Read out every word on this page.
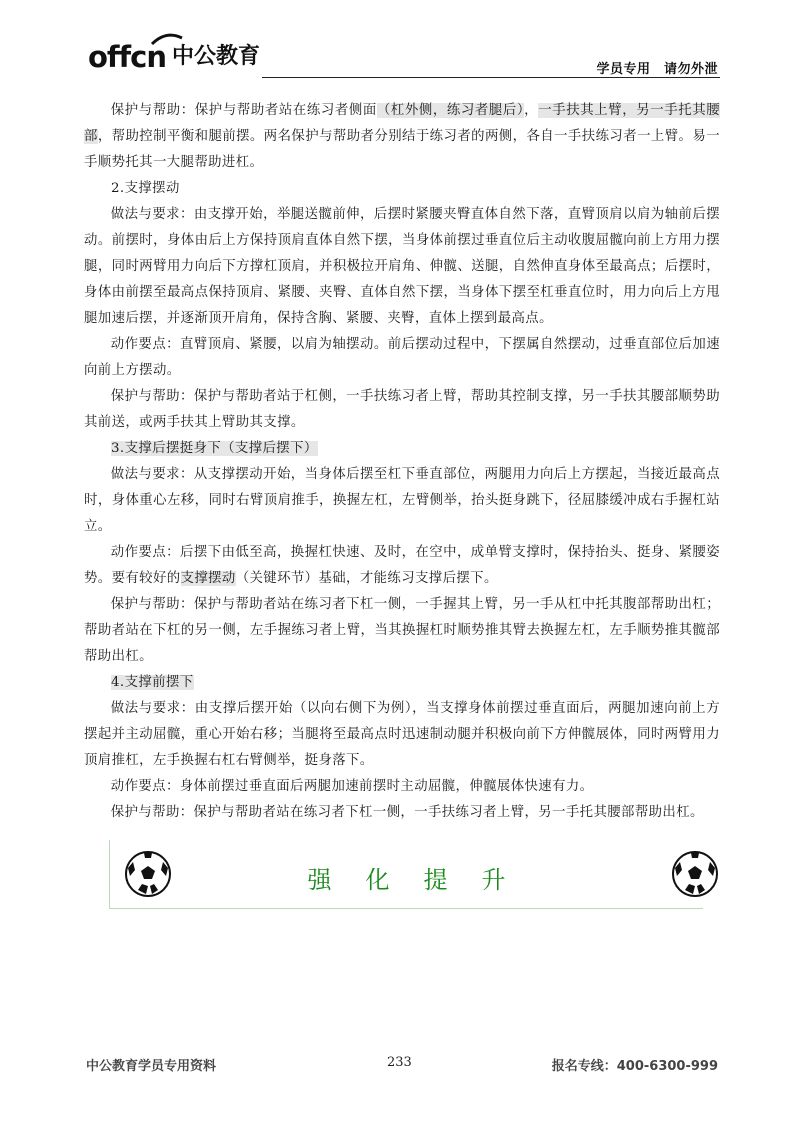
offcn 中公教育
学员专用　请勿外泄

保护与帮助：保护与帮助者站在练习者侧面（杠外侧，练习者腿后），一手扶其上臂，另一手托其腰部，帮助控制平衡和腿前摆。两名保护与帮助者分别结于练习者的两侧，各自一手扶练习者一上臂。易一手顺势托其一大腿帮助进杠。

2.支撑摆动

做法与要求：由支撑开始，举腿送髋前伸，后摆时紧腰夹臀直体自然下落，直臂顶肩以肩为轴前后摆动。前摆时，身体由后上方保持顶肩直体自然下摆，当身体前摆过垂直位后主动收腹屈髋向前上方用力摆腿，同时两臂用力向后下方撑杠顶肩，并积极拉开肩角、伸髋、送腿，自然伸直身体至最高点；后摆时，身体由前摆至最高点保持顶肩、紧腰、夹臀、直体自然下摆，当身体下摆至杠垂直位时，用力向后上方甩腿加速后摆，并逐渐顶开肩角，保持含胸、紧腰、夹臀，直体上摆到最高点。

动作要点：直臂顶肩、紧腰，以肩为轴摆动。前后摆动过程中，下摆属自然摆动，过垂直部位后加速向前上方摆动。

保护与帮助：保护与帮助者站于杠侧，一手扶练习者上臂，帮助其控制支撑，另一手扶其腰部顺势助其前送，或两手扶其上臂助其支撑。

3.支撑后摆挺身下（支撑后摆下）

做法与要求：从支撑摆动开始，当身体后摆至杠下垂直部位，两腿用力向后上方摆起，当接近最高点时，身体重心左移，同时右臂顶肩推手，换握左杠，左臂侧举，抬头挺身跳下，径屈膝缓冲成右手握杠站立。

动作要点：后摆下由低至高，换握杠快速、及时，在空中，成单臂支撑时，保持抬头、挺身、紧腰姿势。要有较好的支撑摆动（关键环节）基础，才能练习支撑后摆下。

保护与帮助：保护与帮助者站在练习者下杠一侧，一手握其上臂，另一手从杠中托其腹部帮助出杠；帮助者站在下杠的另一侧，左手握练习者上臂，当其换握杠时顺势推其臂去换握左杠，左手顺势推其髋部帮助出杠。

4.支撑前摆下

做法与要求：由支撑后摆开始（以向右侧下为例），当支撑身体前摆过垂直面后，两腿加速向前上方摆起并主动屈髋，重心开始右移；当腿将至最高点时迅速制动腿并积极向前下方伸髋展体，同时两臂用力顶肩推杠，左手换握右杠右臂侧举，挺身落下。

动作要点：身体前摆过垂直面后两腿加速前摆时主动屈髋，伸髋展体快速有力。

保护与帮助：保护与帮助者站在练习者下杠一侧，一手扶练习者上臂，另一手托其腰部帮助出杠。

强化提升
中公教育学员专用资料	233	报名专线：400-6300-999
